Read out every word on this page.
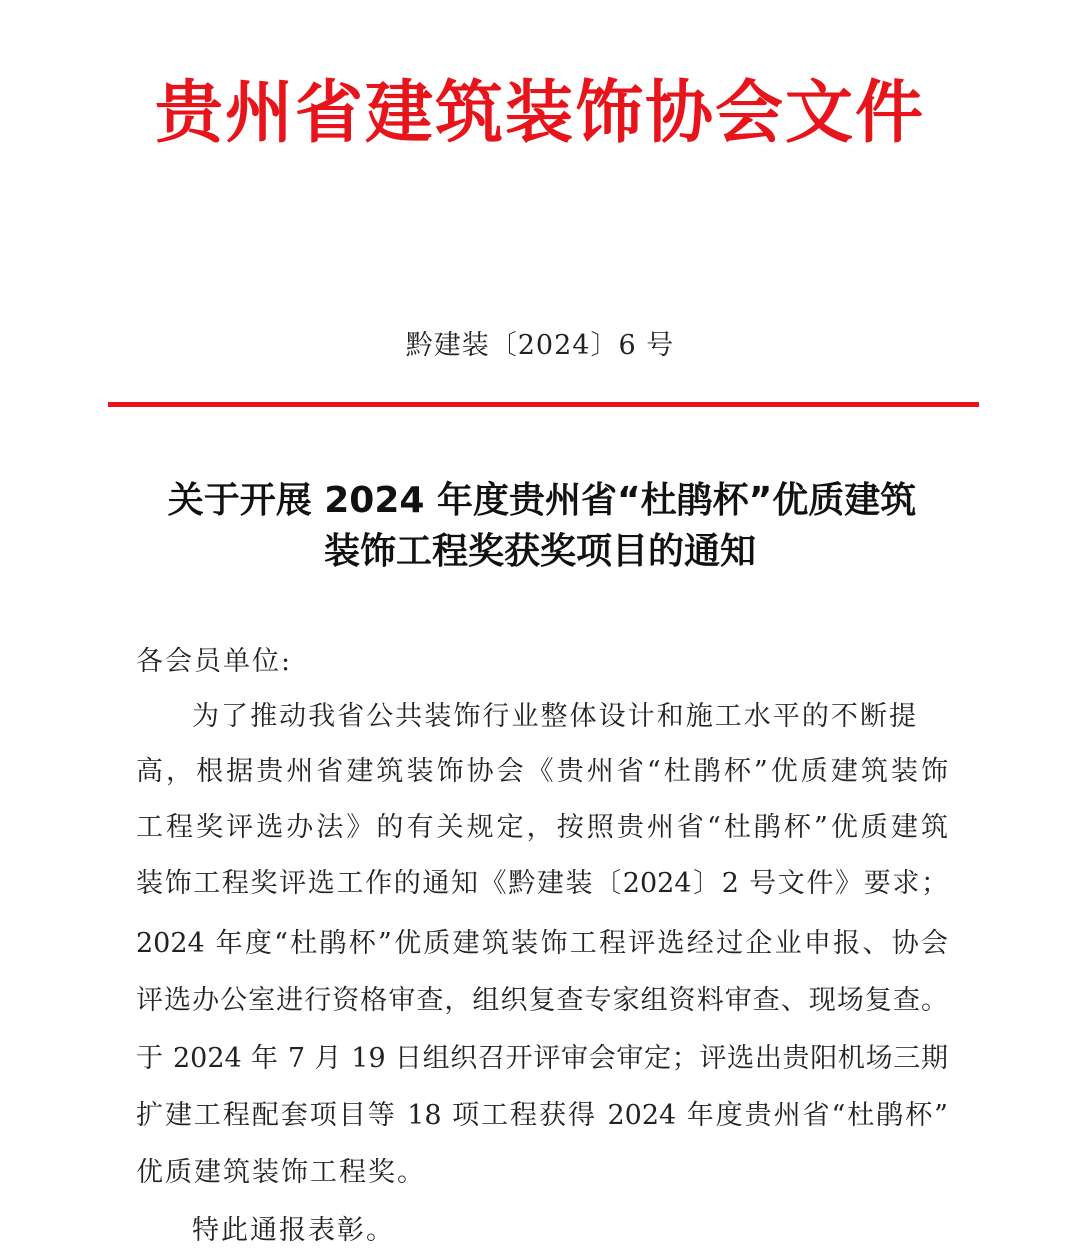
贵州省建筑装饰协会文件
黔建装〔2024〕6 号
关于开展 2024 年度贵州省“杜鹃杯”优质建筑
装饰工程奖获奖项目的通知
各会员单位:
为了推动我省公共装饰行业整体设计和施工水平的不断提
高，根据贵州省建筑装饰协会《贵州省“杜鹃杯”优质建筑装饰
工程奖评选办法》的有关规定，按照贵州省“杜鹃杯”优质建筑
装饰工程奖评选工作的通知《黔建装〔2024〕2 号文件》要求；
2024 年度“杜鹃杯”优质建筑装饰工程评选经过企业申报、协会
评选办公室进行资格审查，组织复查专家组资料审查、现场复查。
于 2024 年 7 月 19 日组织召开评审会审定；评选出贵阳机场三期
扩建工程配套项目等 18 项工程获得 2024 年度贵州省“杜鹃杯”
优质建筑装饰工程奖。
特此通报表彰。
